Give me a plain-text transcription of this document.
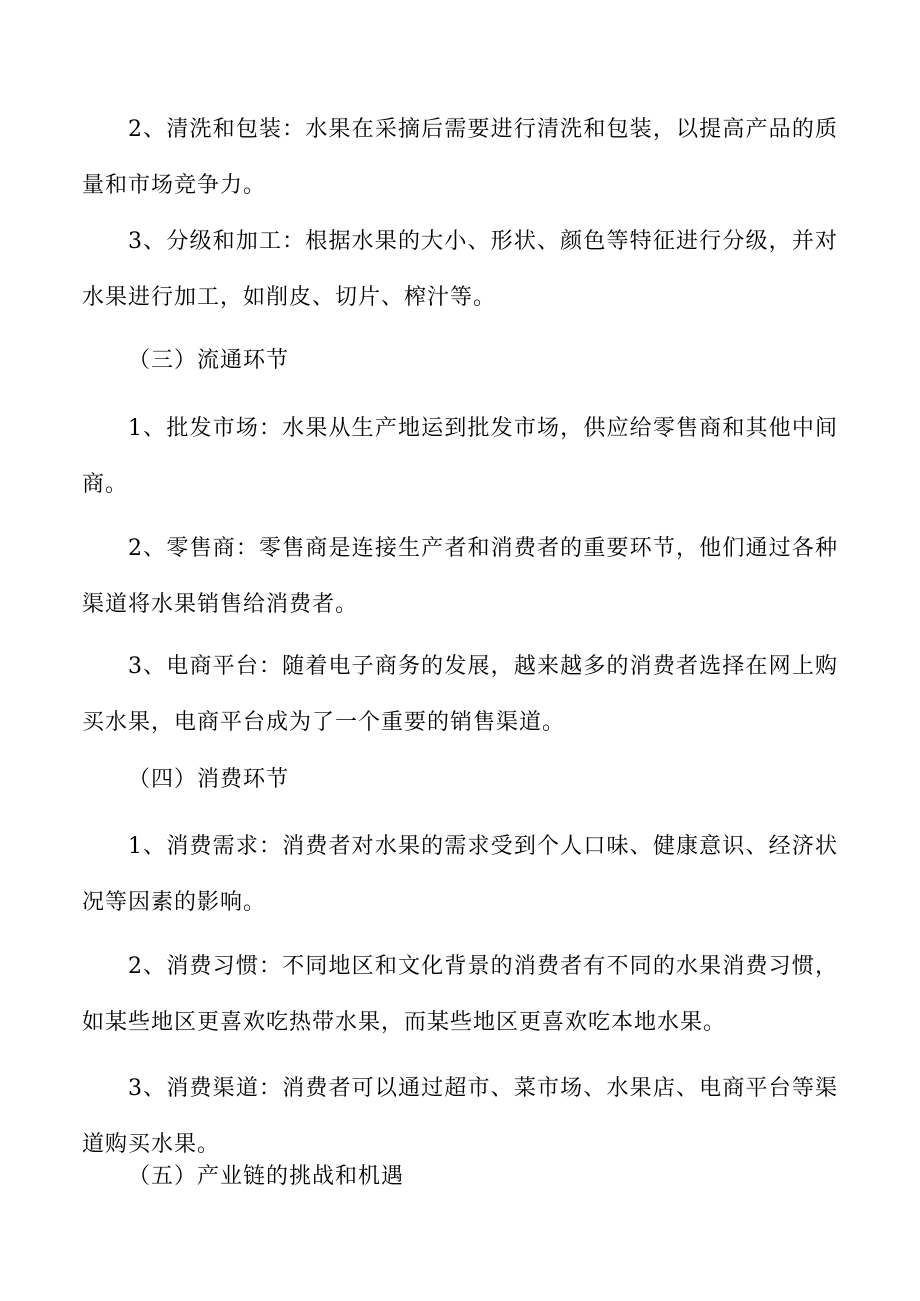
2、清洗和包装：水果在采摘后需要进行清洗和包装，以提高产品的质量和市场竞争力。

3、分级和加工：根据水果的大小、形状、颜色等特征进行分级，并对水果进行加工，如削皮、切片、榨汁等。

（三）流通环节

1、批发市场：水果从生产地运到批发市场，供应给零售商和其他中间商。

2、零售商：零售商是连接生产者和消费者的重要环节，他们通过各种渠道将水果销售给消费者。

3、电商平台：随着电子商务的发展，越来越多的消费者选择在网上购买水果，电商平台成为了一个重要的销售渠道。

（四）消费环节

1、消费需求：消费者对水果的需求受到个人口味、健康意识、经济状况等因素的影响。

2、消费习惯：不同地区和文化背景的消费者有不同的水果消费习惯，如某些地区更喜欢吃热带水果，而某些地区更喜欢吃本地水果。

3、消费渠道：消费者可以通过超市、菜市场、水果店、电商平台等渠道购买水果。

（五）产业链的挑战和机遇
